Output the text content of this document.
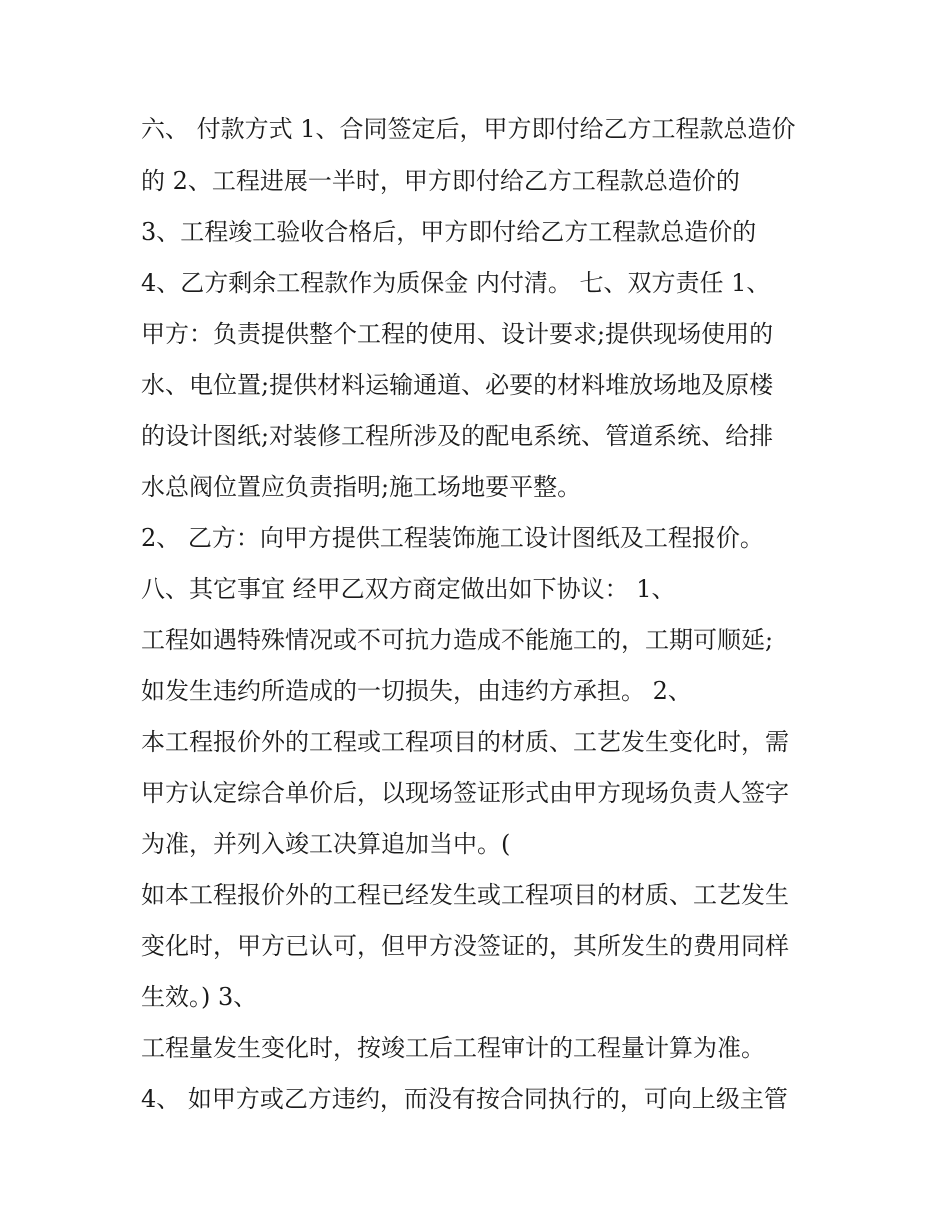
六、 付款方式 1、合同签定后，甲方即付给乙方工程款总造价
的 2、工程进展一半时，甲方即付给乙方工程款总造价的
3、工程竣工验收合格后，甲方即付给乙方工程款总造价的
4、乙方剩余工程款作为质保金 内付清。 七、双方责任 1、
甲方：负责提供整个工程的使用、设计要求;提供现场使用的
水、电位置;提供材料运输通道、必要的材料堆放场地及原楼
的设计图纸;对装修工程所涉及的配电系统、管道系统、给排
水总阀位置应负责指明;施工场地要平整。
2、 乙方：向甲方提供工程装饰施工设计图纸及工程报价。
八、其它事宜 经甲乙双方商定做出如下协议： 1、
工程如遇特殊情况或不可抗力造成不能施工的，工期可顺延;
如发生违约所造成的一切损失，由违约方承担。 2、
本工程报价外的工程或工程项目的材质、工艺发生变化时，需
甲方认定综合单价后，以现场签证形式由甲方现场负责人签字
为准，并列入竣工决算追加当中。(
如本工程报价外的工程已经发生或工程项目的材质、工艺发生
变化时，甲方已认可，但甲方没签证的，其所发生的费用同样
生效。) 3、
工程量发生变化时，按竣工后工程审计的工程量计算为准。
4、 如甲方或乙方违约，而没有按合同执行的，可向上级主管
